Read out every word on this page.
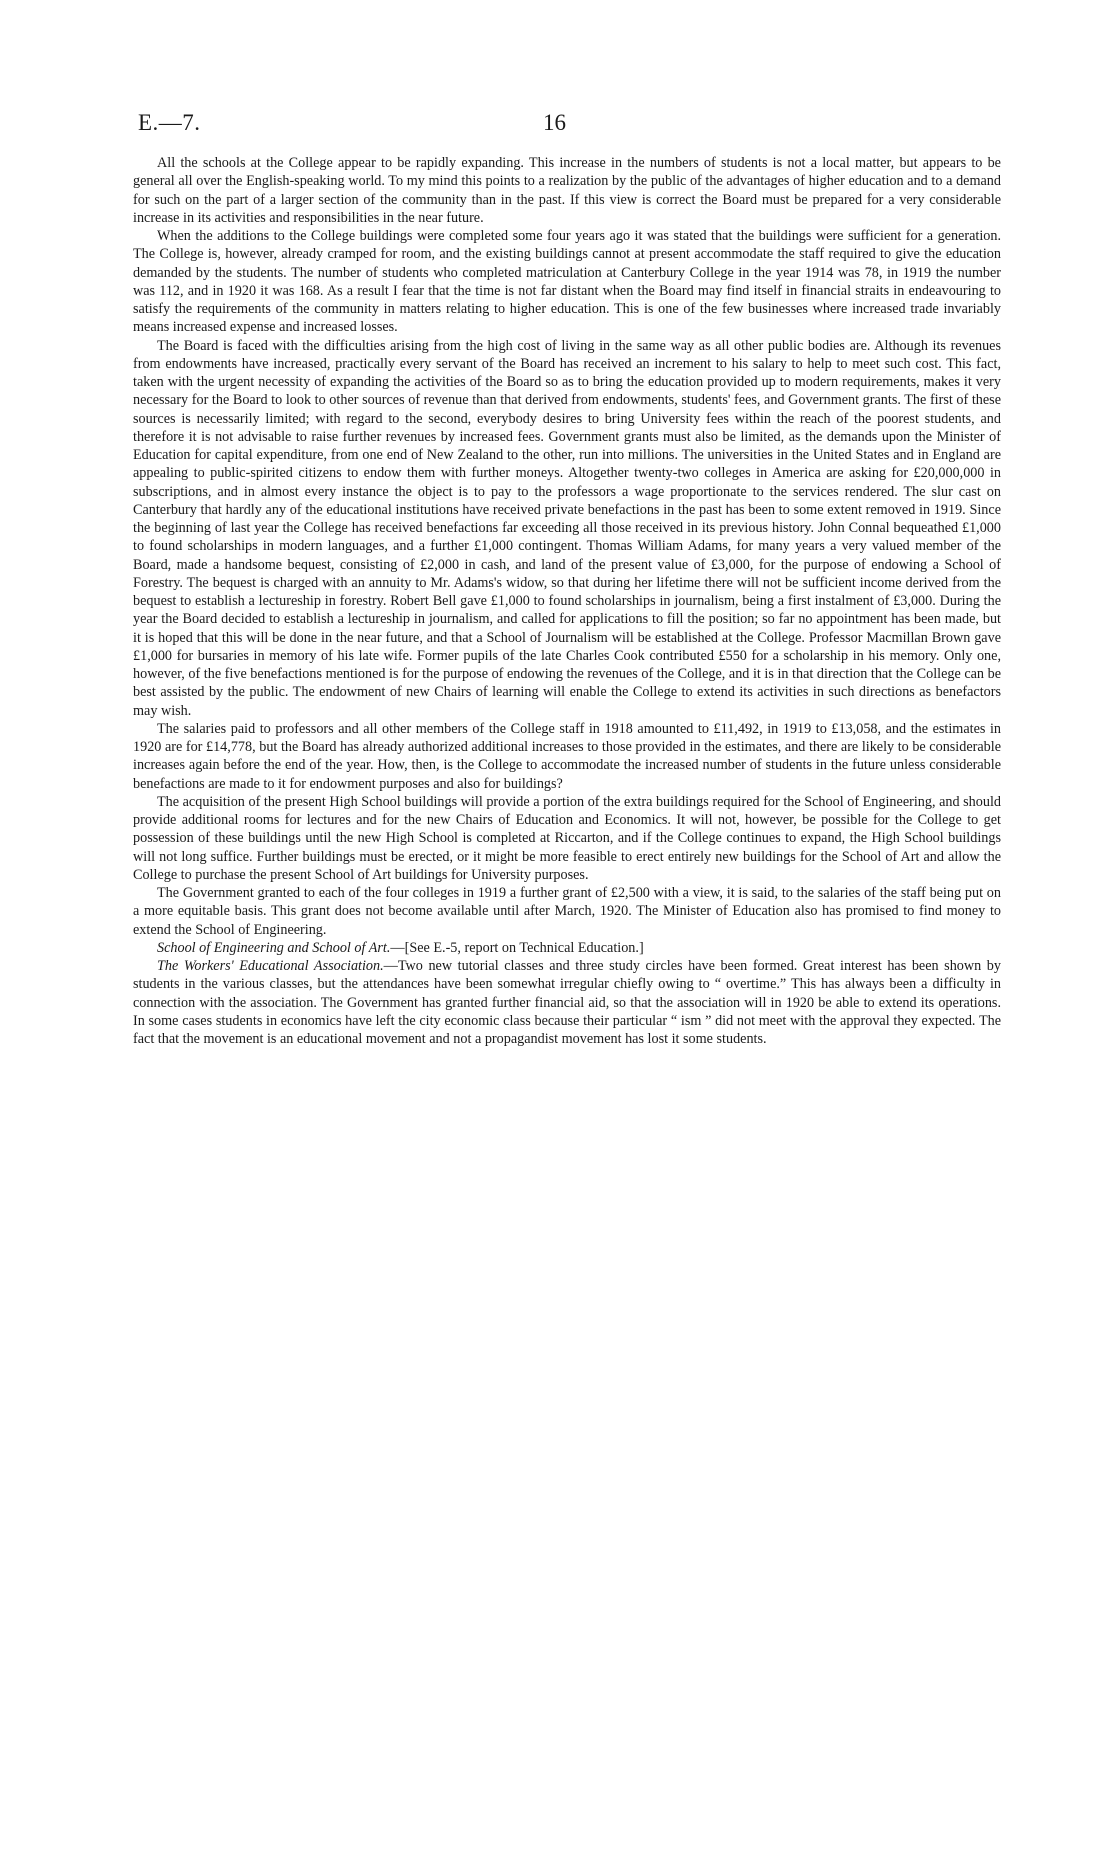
E.—7.	16

All the schools at the College appear to be rapidly expanding. This increase in the numbers of students is not a local matter, but appears to be general all over the English-speaking world. To my mind this points to a realization by the public of the advantages of higher education and to a demand for such on the part of a larger section of the community than in the past. If this view is correct the Board must be prepared for a very considerable increase in its activities and responsibilities in the near future.

When the additions to the College buildings were completed some four years ago it was stated that the buildings were sufficient for a generation. The College is, however, already cramped for room, and the existing buildings cannot at present accommodate the staff required to give the education demanded by the students. The number of students who completed matriculation at Canterbury College in the year 1914 was 78, in 1919 the number was 112, and in 1920 it was 168. As a result I fear that the time is not far distant when the Board may find itself in financial straits in endeavouring to satisfy the requirements of the community in matters relating to higher education. This is one of the few businesses where increased trade invariably means increased expense and increased losses.

The Board is faced with the difficulties arising from the high cost of living in the same way as all other public bodies are. Although its revenues from endowments have increased, practically every servant of the Board has received an increment to his salary to help to meet such cost. This fact, taken with the urgent necessity of expanding the activities of the Board so as to bring the education provided up to modern requirements, makes it very necessary for the Board to look to other sources of revenue than that derived from endowments, students' fees, and Government grants. The first of these sources is necessarily limited; with regard to the second, everybody desires to bring University fees within the reach of the poorest students, and therefore it is not advisable to raise further revenues by increased fees. Government grants must also be limited, as the demands upon the Minister of Education for capital expenditure, from one end of New Zealand to the other, run into millions. The universities in the United States and in England are appealing to public-spirited citizens to endow them with further moneys. Altogether twenty-two colleges in America are asking for £20,000,000 in subscriptions, and in almost every instance the object is to pay to the professors a wage proportionate to the services rendered. The slur cast on Canterbury that hardly any of the educational institutions have received private benefactions in the past has been to some extent removed in 1919. Since the beginning of last year the College has received benefactions far exceeding all those received in its previous history. John Connal bequeathed £1,000 to found scholarships in modern languages, and a further £1,000 contingent. Thomas William Adams, for many years a very valued member of the Board, made a handsome bequest, consisting of £2,000 in cash, and land of the present value of £3,000, for the purpose of endowing a School of Forestry. The bequest is charged with an annuity to Mr. Adams's widow, so that during her lifetime there will not be sufficient income derived from the bequest to establish a lectureship in forestry. Robert Bell gave £1,000 to found scholarships in journalism, being a first instalment of £3,000. During the year the Board decided to establish a lectureship in journalism, and called for applications to fill the position; so far no appointment has been made, but it is hoped that this will be done in the near future, and that a School of Journalism will be established at the College. Professor Macmillan Brown gave £1,000 for bursaries in memory of his late wife. Former pupils of the late Charles Cook contributed £550 for a scholarship in his memory. Only one, however, of the five benefactions mentioned is for the purpose of endowing the revenues of the College, and it is in that direction that the College can be best assisted by the public. The endowment of new Chairs of learning will enable the College to extend its activities in such directions as benefactors may wish.

The salaries paid to professors and all other members of the College staff in 1918 amounted to £11,492, in 1919 to £13,058, and the estimates in 1920 are for £14,778, but the Board has already authorized additional increases to those provided in the estimates, and there are likely to be considerable increases again before the end of the year. How, then, is the College to accommodate the increased number of students in the future unless considerable benefactions are made to it for endowment purposes and also for buildings?

The acquisition of the present High School buildings will provide a portion of the extra buildings required for the School of Engineering, and should provide additional rooms for lectures and for the new Chairs of Education and Economics. It will not, however, be possible for the College to get possession of these buildings until the new High School is completed at Riccarton, and if the College continues to expand, the High School buildings will not long suffice. Further buildings must be erected, or it might be more feasible to erect entirely new buildings for the School of Art and allow the College to purchase the present School of Art buildings for University purposes.

The Government granted to each of the four colleges in 1919 a further grant of £2,500 with a view, it is said, to the salaries of the staff being put on a more equitable basis. This grant does not become available until after March, 1920. The Minister of Education also has promised to find money to extend the School of Engineering.

School of Engineering and School of Art.—[See E.-5, report on Technical Education.]

The Workers' Educational Association.—Two new tutorial classes and three study circles have been formed. Great interest has been shown by students in the various classes, but the attendances have been somewhat irregular chiefly owing to “ overtime.” This has always been a difficulty in connection with the association. The Government has granted further financial aid, so that the association will in 1920 be able to extend its operations. In some cases students in economics have left the city economic class because their particular “ ism ” did not meet with the approval they expected. The fact that the movement is an educational movement and not a propagandist movement has lost it some students.
